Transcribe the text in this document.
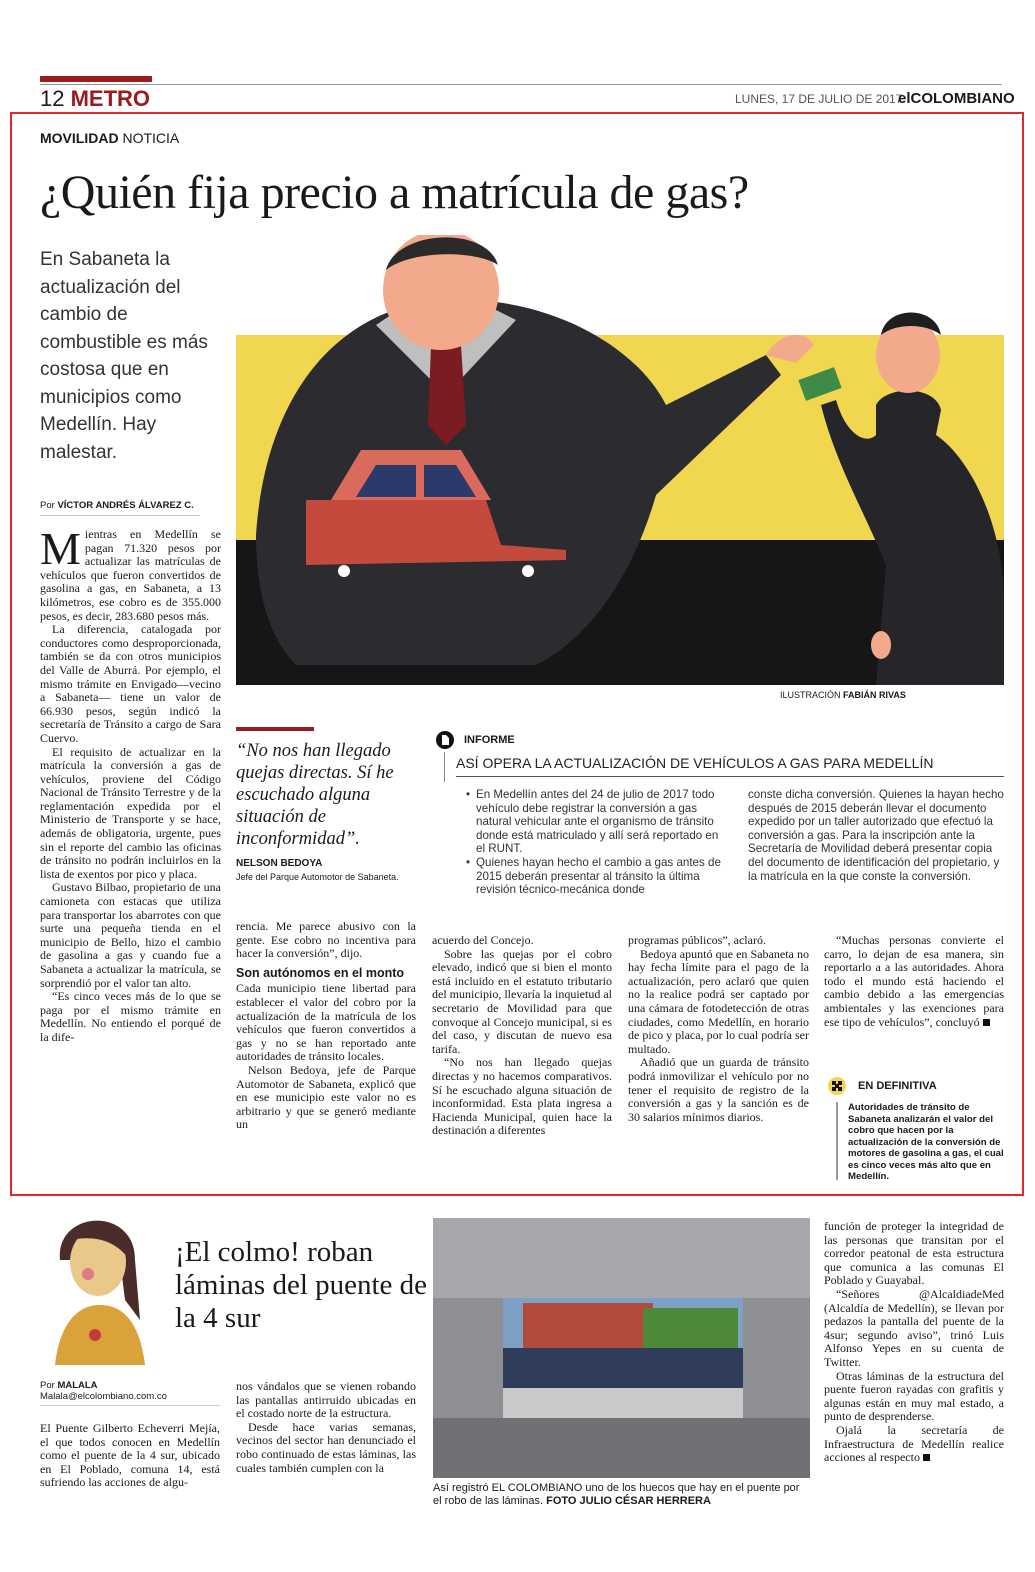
12 METRO	LUNES, 17 DE JULIO DE 2017
elCOLOMBIANO
MOVILIDAD NOTICIA
¿Quién fija precio a matrícula de gas?
En Sabaneta la actualización del cambio de combustible es más costosa que en municipios como Medellín. Hay malestar.
Por VÍCTOR ANDRÉS ÁLVAREZ C.
ILUSTRACIÓN FABIÁN RIVAS

Mientras en Medellín se pagan 71.320 pesos por actualizar las matrículas de vehículos que fueron convertidos de gasolina a gas, en Sabaneta, a 13 kilómetros, ese cobro es de 355.000 pesos, es decir, 283.680 pesos más.

La diferencia, catalogada por conductores como desproporcionada, también se da con otros municipios del Valle de Aburrá. Por ejemplo, el mismo trámite en Envigado—vecino a Sabaneta— tiene un valor de 66.930 pesos, según indicó la secretaría de Tránsito a cargo de Sara Cuervo.

El requisito de actualizar en la matrícula la conversión a gas de vehículos, proviene del Código Nacional de Tránsito Terrestre y de la reglamentación expedida por el Ministerio de Transporte y se hace, además de obligatoria, urgente, pues sin el reporte del cambio las oficinas de tránsito no podrán incluirlos en la lista de exentos por pico y placa.

Gustavo Bilbao, propietario de una camioneta con estacas que utiliza para transportar los abarrotes con que surte una pequeña tienda en el municipio de Bello, hizo el cambio de gasolina a gas y cuando fue a Sabaneta a actualizar la matrícula, se sorprendió por el valor tan alto.

“Es cinco veces más de lo que se paga por el mismo trámite en Medellín. No entiendo el porqué de la dife-

“No nos han llegado quejas directas. Sí he escuchado alguna situación de inconformidad”.
NELSON BEDOYA
Jefe del Parque Automotor de Sabaneta.
INFORME
ASÍ OPERA LA ACTUALIZACIÓN DE VEHÍCULOS A GAS PARA MEDELLÍN
• En Medellín antes del 24 de julio de 2017 todo vehículo debe registrar la conversión a gas natural vehicular ante el organismo de tránsito donde está matriculado y allí será reportado en el RUNT.
• Quienes hayan hecho el cambio a gas antes de 2015 deberán presentar al tránsito la última revisión técnico-mecánica donde
conste dicha conversión. Quienes la hayan hecho después de 2015 deberán llevar el documento expedido por un taller autorizado que efectuó la conversión a gas. Para la inscripción ante la Secretaría de Movilidad deberá presentar copia del documento de identificación del propietario, y la matrícula en la que conste la conversión.

rencia. Me parece abusivo con la gente. Ese cobro no incentiva para hacer la conversión”, dijo.

Son autónomos en el monto

Cada municipio tiene libertad para establecer el valor del cobro por la actualización de la matrícula de los vehículos que fueron convertidos a gas y no se han reportado ante autoridades de tránsito locales.

Nelson Bedoya, jefe de Parque Automotor de Sabaneta, explicó que en ese municipio este valor no es arbitrario y que se generó mediante un

acuerdo del Concejo.

Sobre las quejas por el cobro elevado, indicó que si bien el monto está incluido en el estatuto tributario del municipio, llevaría la inquietud al secretario de Movilidad para que convoque al Concejo municipal, si es del caso, y discutan de nuevo esa tarifa.

“No nos han llegado quejas directas y no hacemos comparativos. Sí he escuchado alguna situación de inconformidad. Esta plata ingresa a Hacienda Municipal, quien hace la destinación a diferentes

programas públicos”, aclaró.

Bedoya apuntó que en Sabaneta no hay fecha límite para el pago de la actualización, pero aclaró que quien no la realice podrá ser captado por una cámara de fotodetección de otras ciudades, como Medellín, en horario de pico y placa, por lo cual podría ser multado.

Añadió que un guarda de tránsito podrá inmovilizar el vehículo por no tener el requisito de registro de la conversión a gas y la sanción es de 30 salarios mínimos diarios.

“Muchas personas convierte el carro, lo dejan de esa manera, sin reportarlo a a las autoridades. Ahora todo el mundo está haciendo el cambio debido a las emergencias ambientales y las exenciones para ese tipo de vehículos”, concluyó

EN DEFINITIVA
Autoridades de tránsito de Sabaneta analizarán el valor del cobro que hacen por la actualización de la conversión de motores de gasolina a gas, el cual es cinco veces más alto que en Medellín.
¡El colmo! roban láminas del puente de la 4 sur
Por MALALA
Malala@elcolombiano.com.co

El Puente Gilberto Echeverri Mejía, el que todos conocen en Medellín como el puente de la 4 sur, ubicado en El Poblado, comuna 14, está sufriendo las acciones de algu-

nos vándalos que se vienen robando las pantallas antirruido ubicadas en el costado norte de la estructura.

Desde hace varias semanas, vecinos del sector han denunciado el robo continuado de estas láminas, las cuales también cumplen con la

Así registró EL COLOMBIANO uno de los huecos que hay en el puente por el robo de las láminas. FOTO JULIO CÉSAR HERRERA

función de proteger la integridad de las personas que transitan por el corredor peatonal de esta estructura que comunica a las comunas El Poblado y Guayabal.

“Señores @AlcaldiadeMed (Alcaldía de Medellín), se llevan por pedazos la pantalla del puente de la 4sur; segundo aviso”, trinó Luis Alfonso Yepes en su cuenta de Twitter.

Otras láminas de la estructura del puente fueron rayadas con grafitis y algunas están en muy mal estado, a punto de desprenderse.

Ojalá la secretaría de Infraestructura de Medellín realice acciones al respecto
